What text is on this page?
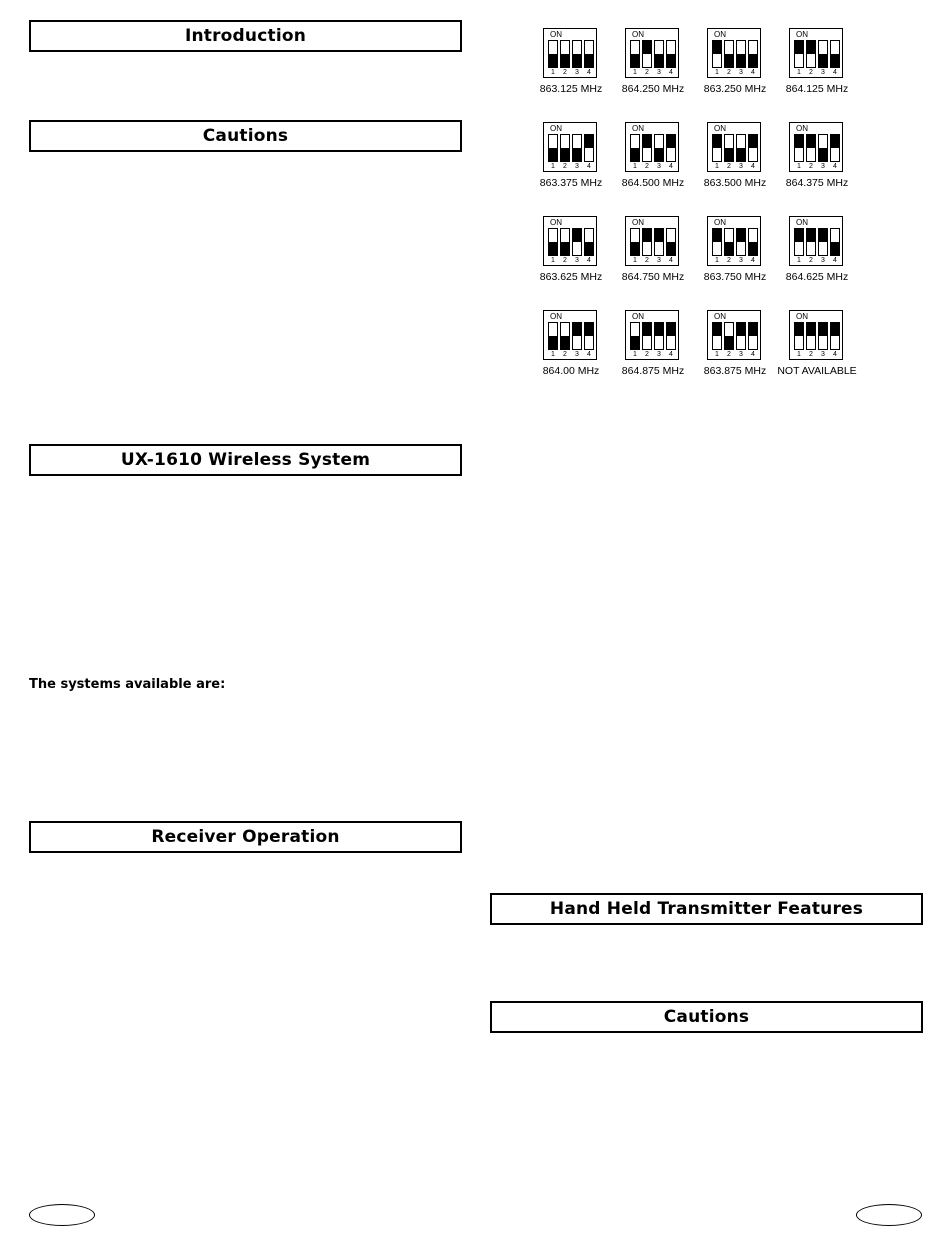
Introduction
Cautions
UX-1610 Wireless System
The systems available are:
Receiver Operation
ON
1	2	3	4
863.125 MHz
ON
1	2	3	4
864.250 MHz
ON
1	2	3	4
863.250 MHz
ON
1	2	3	4
864.125 MHz
ON
1	2	3	4
863.375 MHz
ON
1	2	3	4
864.500 MHz
ON
1	2	3	4
863.500 MHz
ON
1	2	3	4
864.375 MHz
ON
1	2	3	4
863.625 MHz
ON
1	2	3	4
864.750 MHz
ON
1	2	3	4
863.750 MHz
ON
1	2	3	4
864.625 MHz
ON
1	2	3	4
864.00 MHz
ON
1	2	3	4
864.875 MHz
ON
1	2	3	4
863.875 MHz
ON
1	2	3	4
NOT AVAILABLE
Hand Held Transmitter Features
Cautions
